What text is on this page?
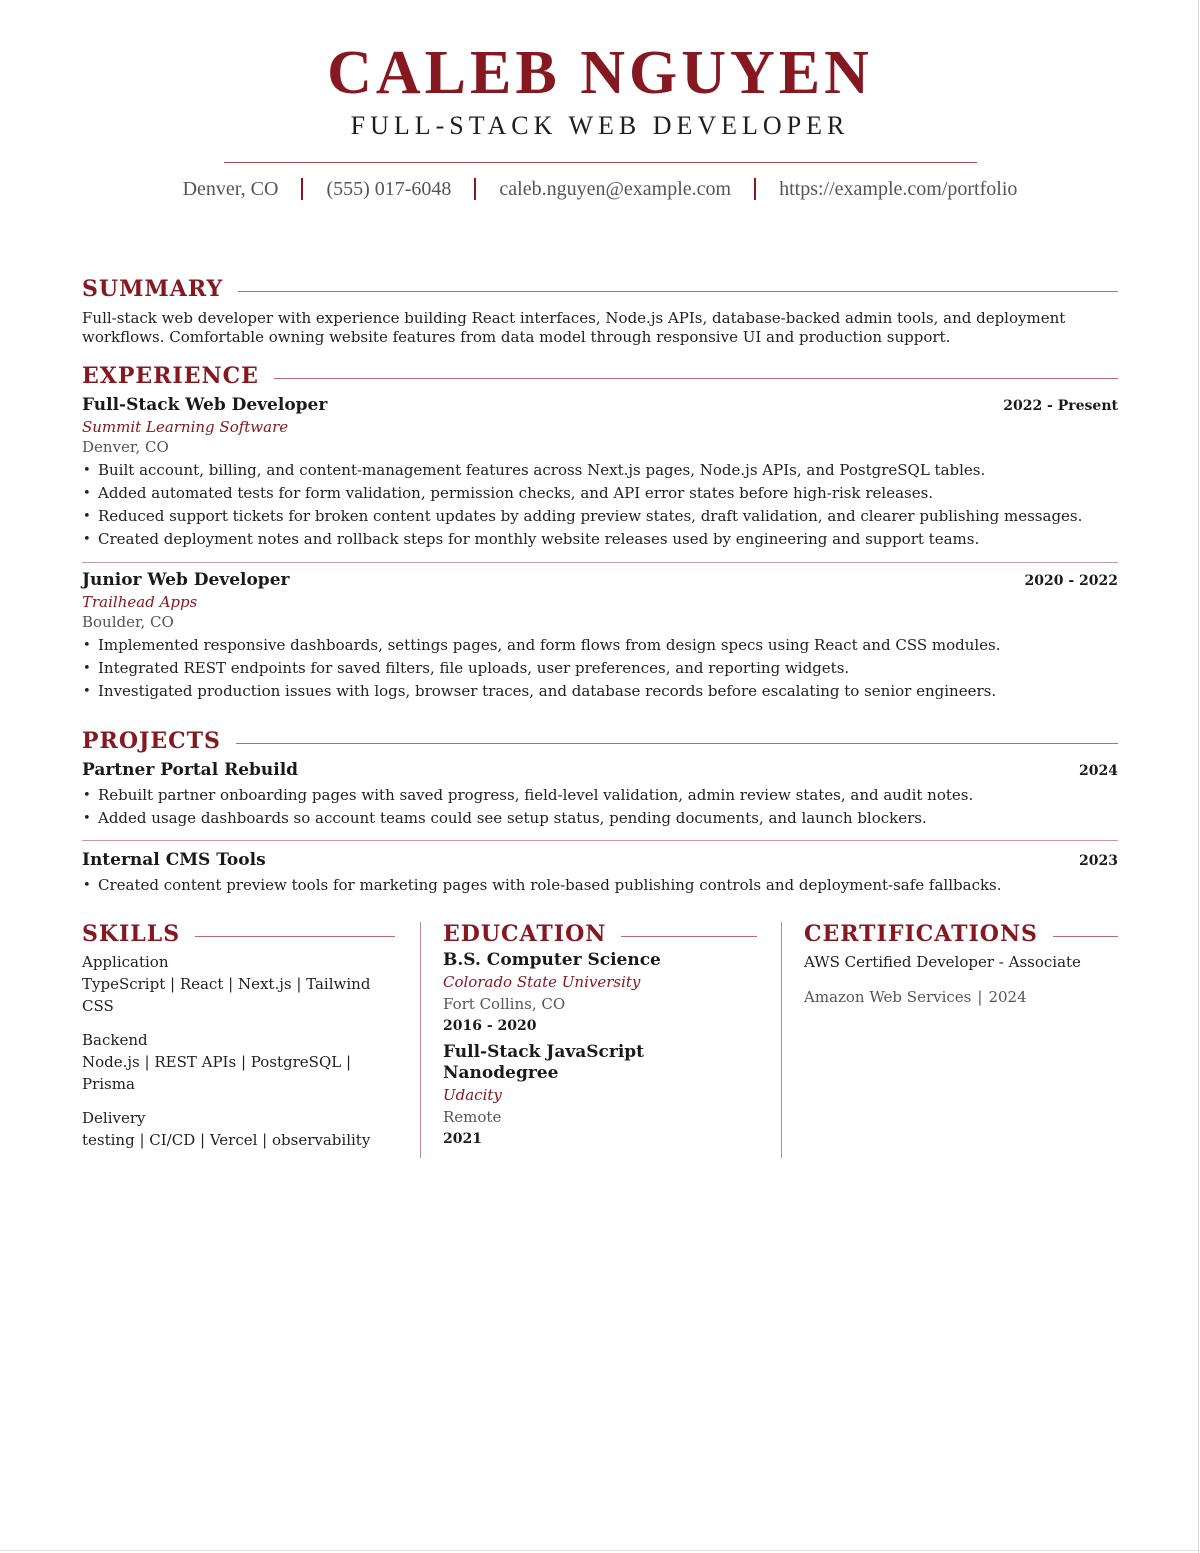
CALEB NGUYEN
FULL-STACK WEB DEVELOPER
Denver, CO (555) 017-6048 caleb.nguyen@example.com https://example.com/portfolio
SUMMARY
Full-stack web developer with experience building React interfaces, Node.js APIs, database-backed admin tools, and deployment workflows. Comfortable owning website features from data model through responsive UI and production support.
EXPERIENCE
Full-Stack Web Developer	2022 - Present
Summit Learning Software
Denver, CO
• Built account, billing, and content-management features across Next.js pages, Node.js APIs, and PostgreSQL tables.
• Added automated tests for form validation, permission checks, and API error states before high-risk releases.
• Reduced support tickets for broken content updates by adding preview states, draft validation, and clearer publishing messages.
• Created deployment notes and rollback steps for monthly website releases used by engineering and support teams.
Junior Web Developer	2020 - 2022
Trailhead Apps
Boulder, CO
• Implemented responsive dashboards, settings pages, and form flows from design specs using React and CSS modules.
• Integrated REST endpoints for saved filters, file uploads, user preferences, and reporting widgets.
• Investigated production issues with logs, browser traces, and database records before escalating to senior engineers.
PROJECTS
Partner Portal Rebuild	2024
• Rebuilt partner onboarding pages with saved progress, field-level validation, admin review states, and audit notes.
• Added usage dashboards so account teams could see setup status, pending documents, and launch blockers.
Internal CMS Tools	2023
• Created content preview tools for marketing pages with role-based publishing controls and deployment-safe fallbacks.
SKILLS
Application
TypeScript | React | Next.js | Tailwind CSS
Backend
Node.js | REST APIs | PostgreSQL | Prisma
Delivery
testing | CI/CD | Vercel | observability
EDUCATION
B.S. Computer Science
Colorado State University
Fort Collins, CO
2016 - 2020
Full-Stack JavaScript
Nanodegree
Udacity
Remote
2021
CERTIFICATIONS
AWS Certified Developer - Associate
Amazon Web Services | 2024
